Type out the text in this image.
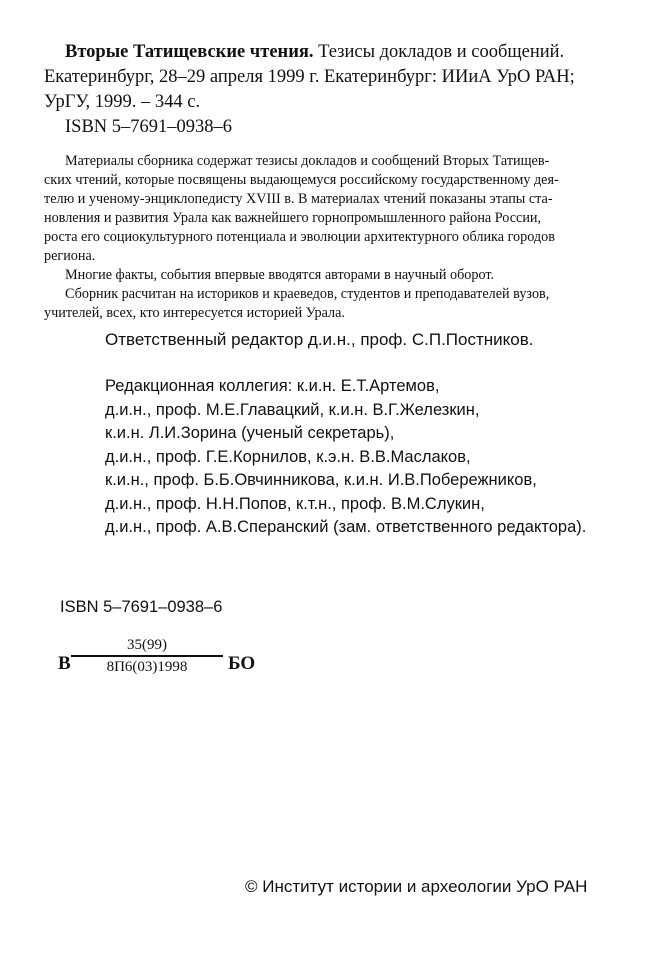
Вторые Татищевские чтения. Тезисы докладов и сообщений.
Екатеринбург, 28–29 апреля 1999 г. Екатеринбург: ИИиА УрО РАН;
УрГУ, 1999. – 344 с.
ISBN 5–7691–0938–6
Материалы сборника содержат тезисы докладов и сообщений Вторых Татищев-
ских чтений, которые посвящены выдающемуся российскому государственному дея-
телю и ученому-энциклопедисту XVIII в. В материалах чтений показаны этапы ста-
новления и развития Урала как важнейшего горнопромышленного района России,
роста его социокультурного потенциала и эволюции архитектурного облика городов
региона.
Многие факты, события впервые вводятся авторами в научный оборот.
Сборник расчитан на историков и краеведов, студентов и преподавателей вузов,
учителей, всех, кто интересуется историей Урала.
Ответственный редактор д.и.н., проф. С.П.Постников.
Редакционная коллегия: к.и.н. Е.Т.Артемов,
д.и.н., проф. М.Е.Главацкий, к.и.н. В.Г.Железкин,
к.и.н. Л.И.Зорина (ученый секретарь),
д.и.н., проф. Г.Е.Корнилов, к.э.н. В.В.Маслаков,
к.и.н., проф. Б.Б.Овчинникова, к.и.н. И.В.Побережников,
д.и.н., проф. Н.Н.Попов, к.т.н., проф. В.М.Слукин,
д.и.н., проф. А.В.Сперанский (зам. ответственного редактора).
ISBN 5–7691–0938–6
В
35(99)
8П6(03)1998	БО
© Институт истории и археологии УрО РАН
